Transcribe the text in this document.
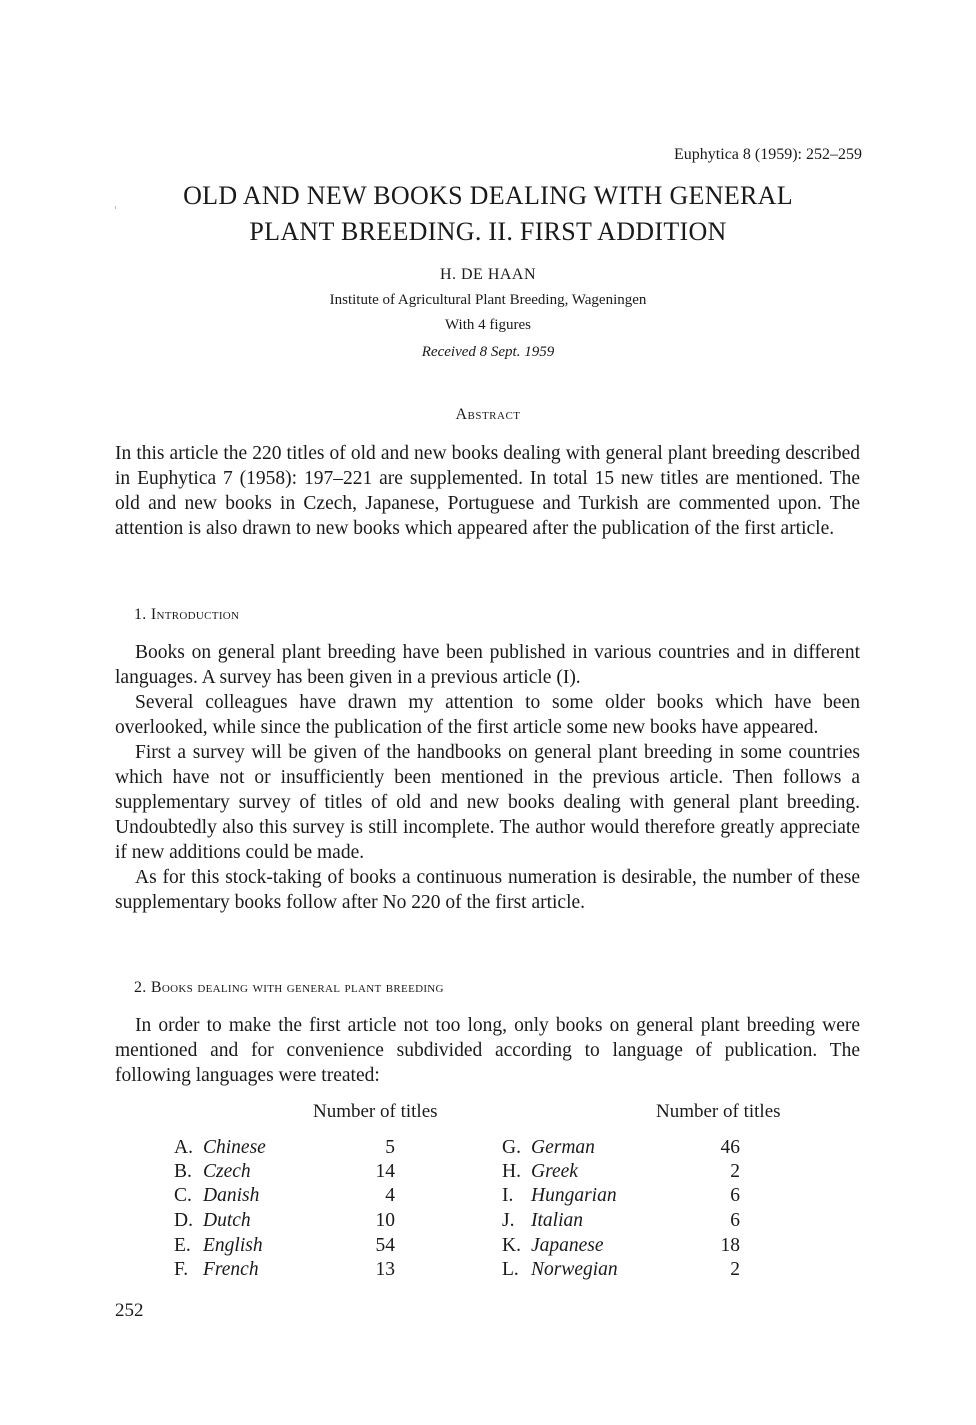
Euphytica 8 (1959): 252–259
OLD AND NEW BOOKS DEALING WITH GENERAL
PLANT BREEDING. II. FIRST ADDITION
H. DE HAAN
Institute of Agricultural Plant Breeding, Wageningen
With 4 figures
Received 8 Sept. 1959
Abstract

In this article the 220 titles of old and new books dealing with general plant breeding described in Euphytica 7 (1958): 197–221 are supplemented. In total 15 new titles are mentioned. The old and new books in Czech, Japanese, Portuguese and Turkish are commented upon. The attention is also drawn to new books which appeared after the publication of the first article.

1. Introduction

Books on general plant breeding have been published in various countries and in different languages. A survey has been given in a previous article (I).

Several colleagues have drawn my attention to some older books which have been overlooked, while since the publication of the first article some new books have appeared.

First a survey will be given of the handbooks on general plant breeding in some countries which have not or insufficiently been mentioned in the previous article. Then follows a supplementary survey of titles of old and new books dealing with general plant breeding. Undoubtedly also this survey is still incomplete. The author would therefore greatly appreciate if new additions could be made.

As for this stock-taking of books a continuous numeration is desirable, the number of these supplementary books follow after No 220 of the first article.

2. Books dealing with general plant breeding

In order to make the first article not too long, only books on general plant breeding were mentioned and for convenience subdivided according to language of publication. The following languages were treated:

Number of titles	Number of titles
A. Chinese	5
B. Czech	14
C. Danish	4
D. Dutch	10
E. English	54
F. French	13
G. German	46
H. Greek	2
I. Hungarian	6
J. Italian	6
K. Japanese	18
L. Norwegian	2
252
